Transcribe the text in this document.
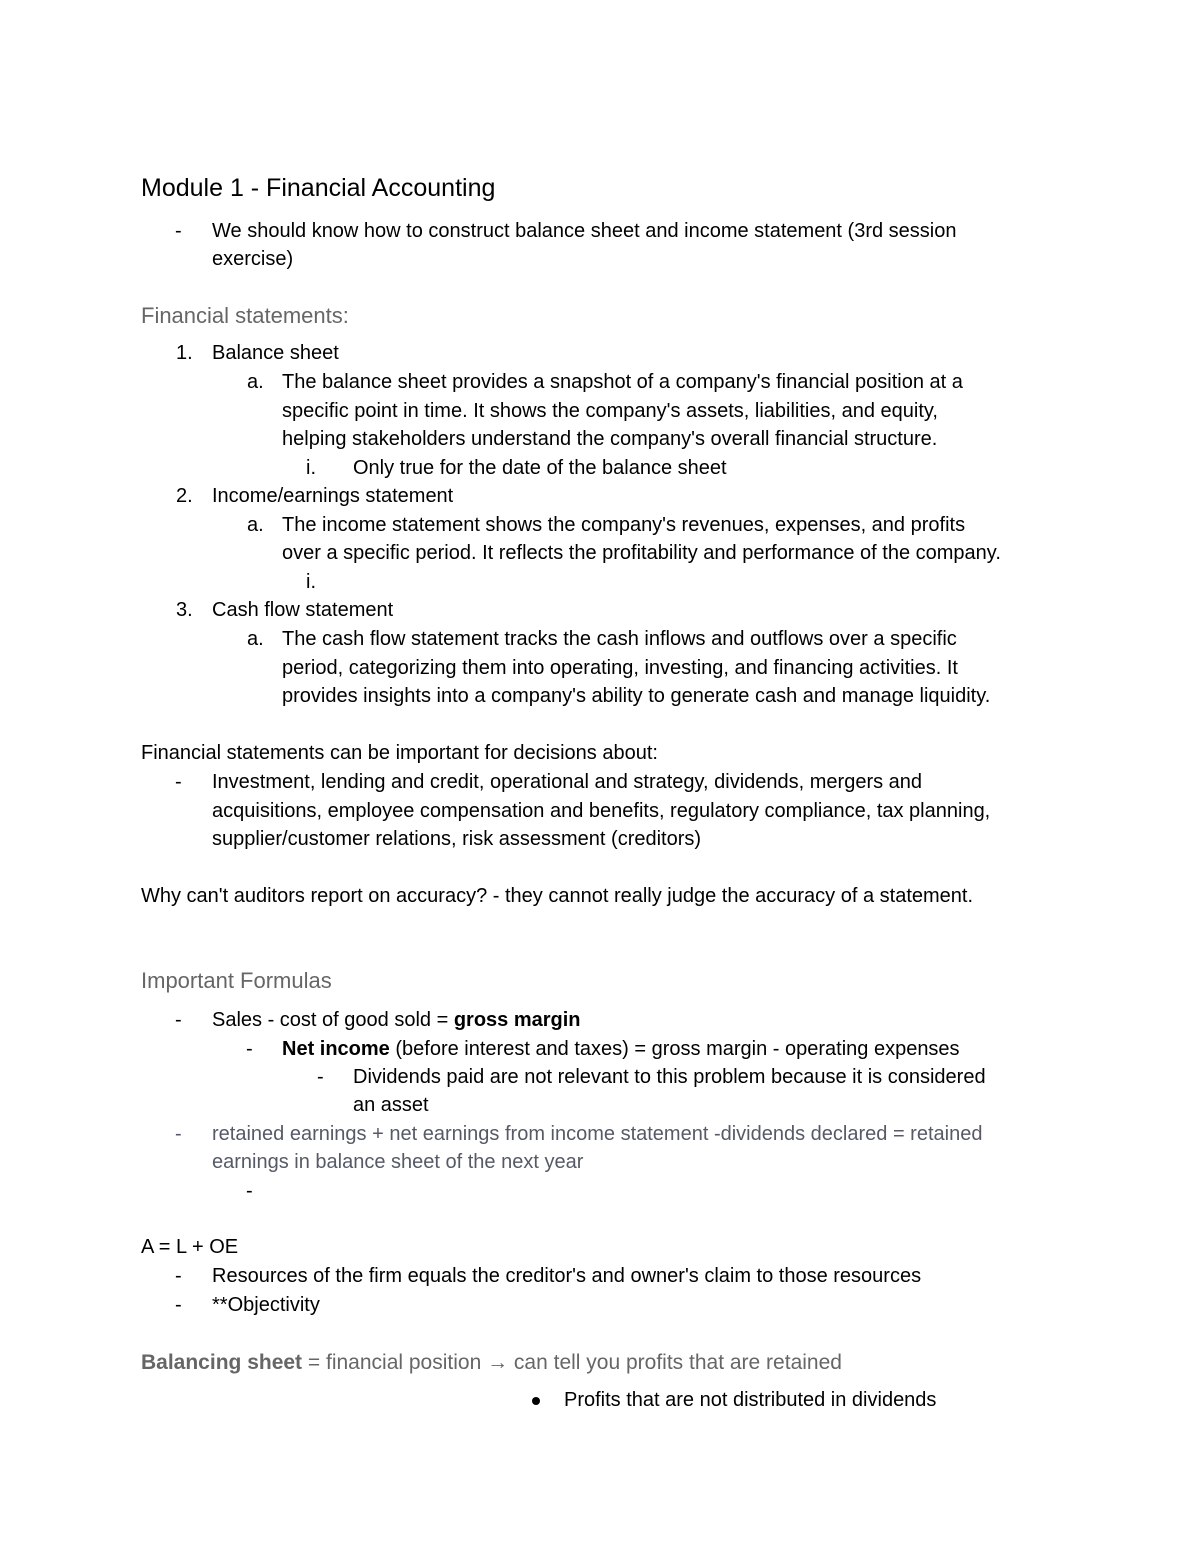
Module 1 - Financial Accounting
- We should know how to construct balance sheet and income statement (3rd session
exercise)
Financial statements:
1. Balance sheet
a. The balance sheet provides a snapshot of a company's financial position at a
specific point in time. It shows the company's assets, liabilities, and equity,
helping stakeholders understand the company's overall financial structure.
i. Only true for the date of the balance sheet
2. Income/earnings statement
a. The income statement shows the company's revenues, expenses, and profits
over a specific period. It reflects the profitability and performance of the company.
i.
3. Cash flow statement
a. The cash flow statement tracks the cash inflows and outflows over a specific
period, categorizing them into operating, investing, and financing activities. It
provides insights into a company's ability to generate cash and manage liquidity.
Financial statements can be important for decisions about:
- Investment, lending and credit, operational and strategy, dividends, mergers and
acquisitions, employee compensation and benefits, regulatory compliance, tax planning,
supplier/customer relations, risk assessment (creditors)
Why can't auditors report on accuracy? - they cannot really judge the accuracy of a statement.
Important Formulas
- Sales - cost of good sold = gross margin
- Net income (before interest and taxes) = gross margin - operating expenses
- Dividends paid are not relevant to this problem because it is considered
an asset
- retained earnings + net earnings from income statement -dividends declared = retained
earnings in balance sheet of the next year
-
A = L + OE
- Resources of the firm equals the creditor's and owner's claim to those resources
- **Objectivity
Balancing sheet = financial position → can tell you profits that are retained
Profits that are not distributed in dividends
